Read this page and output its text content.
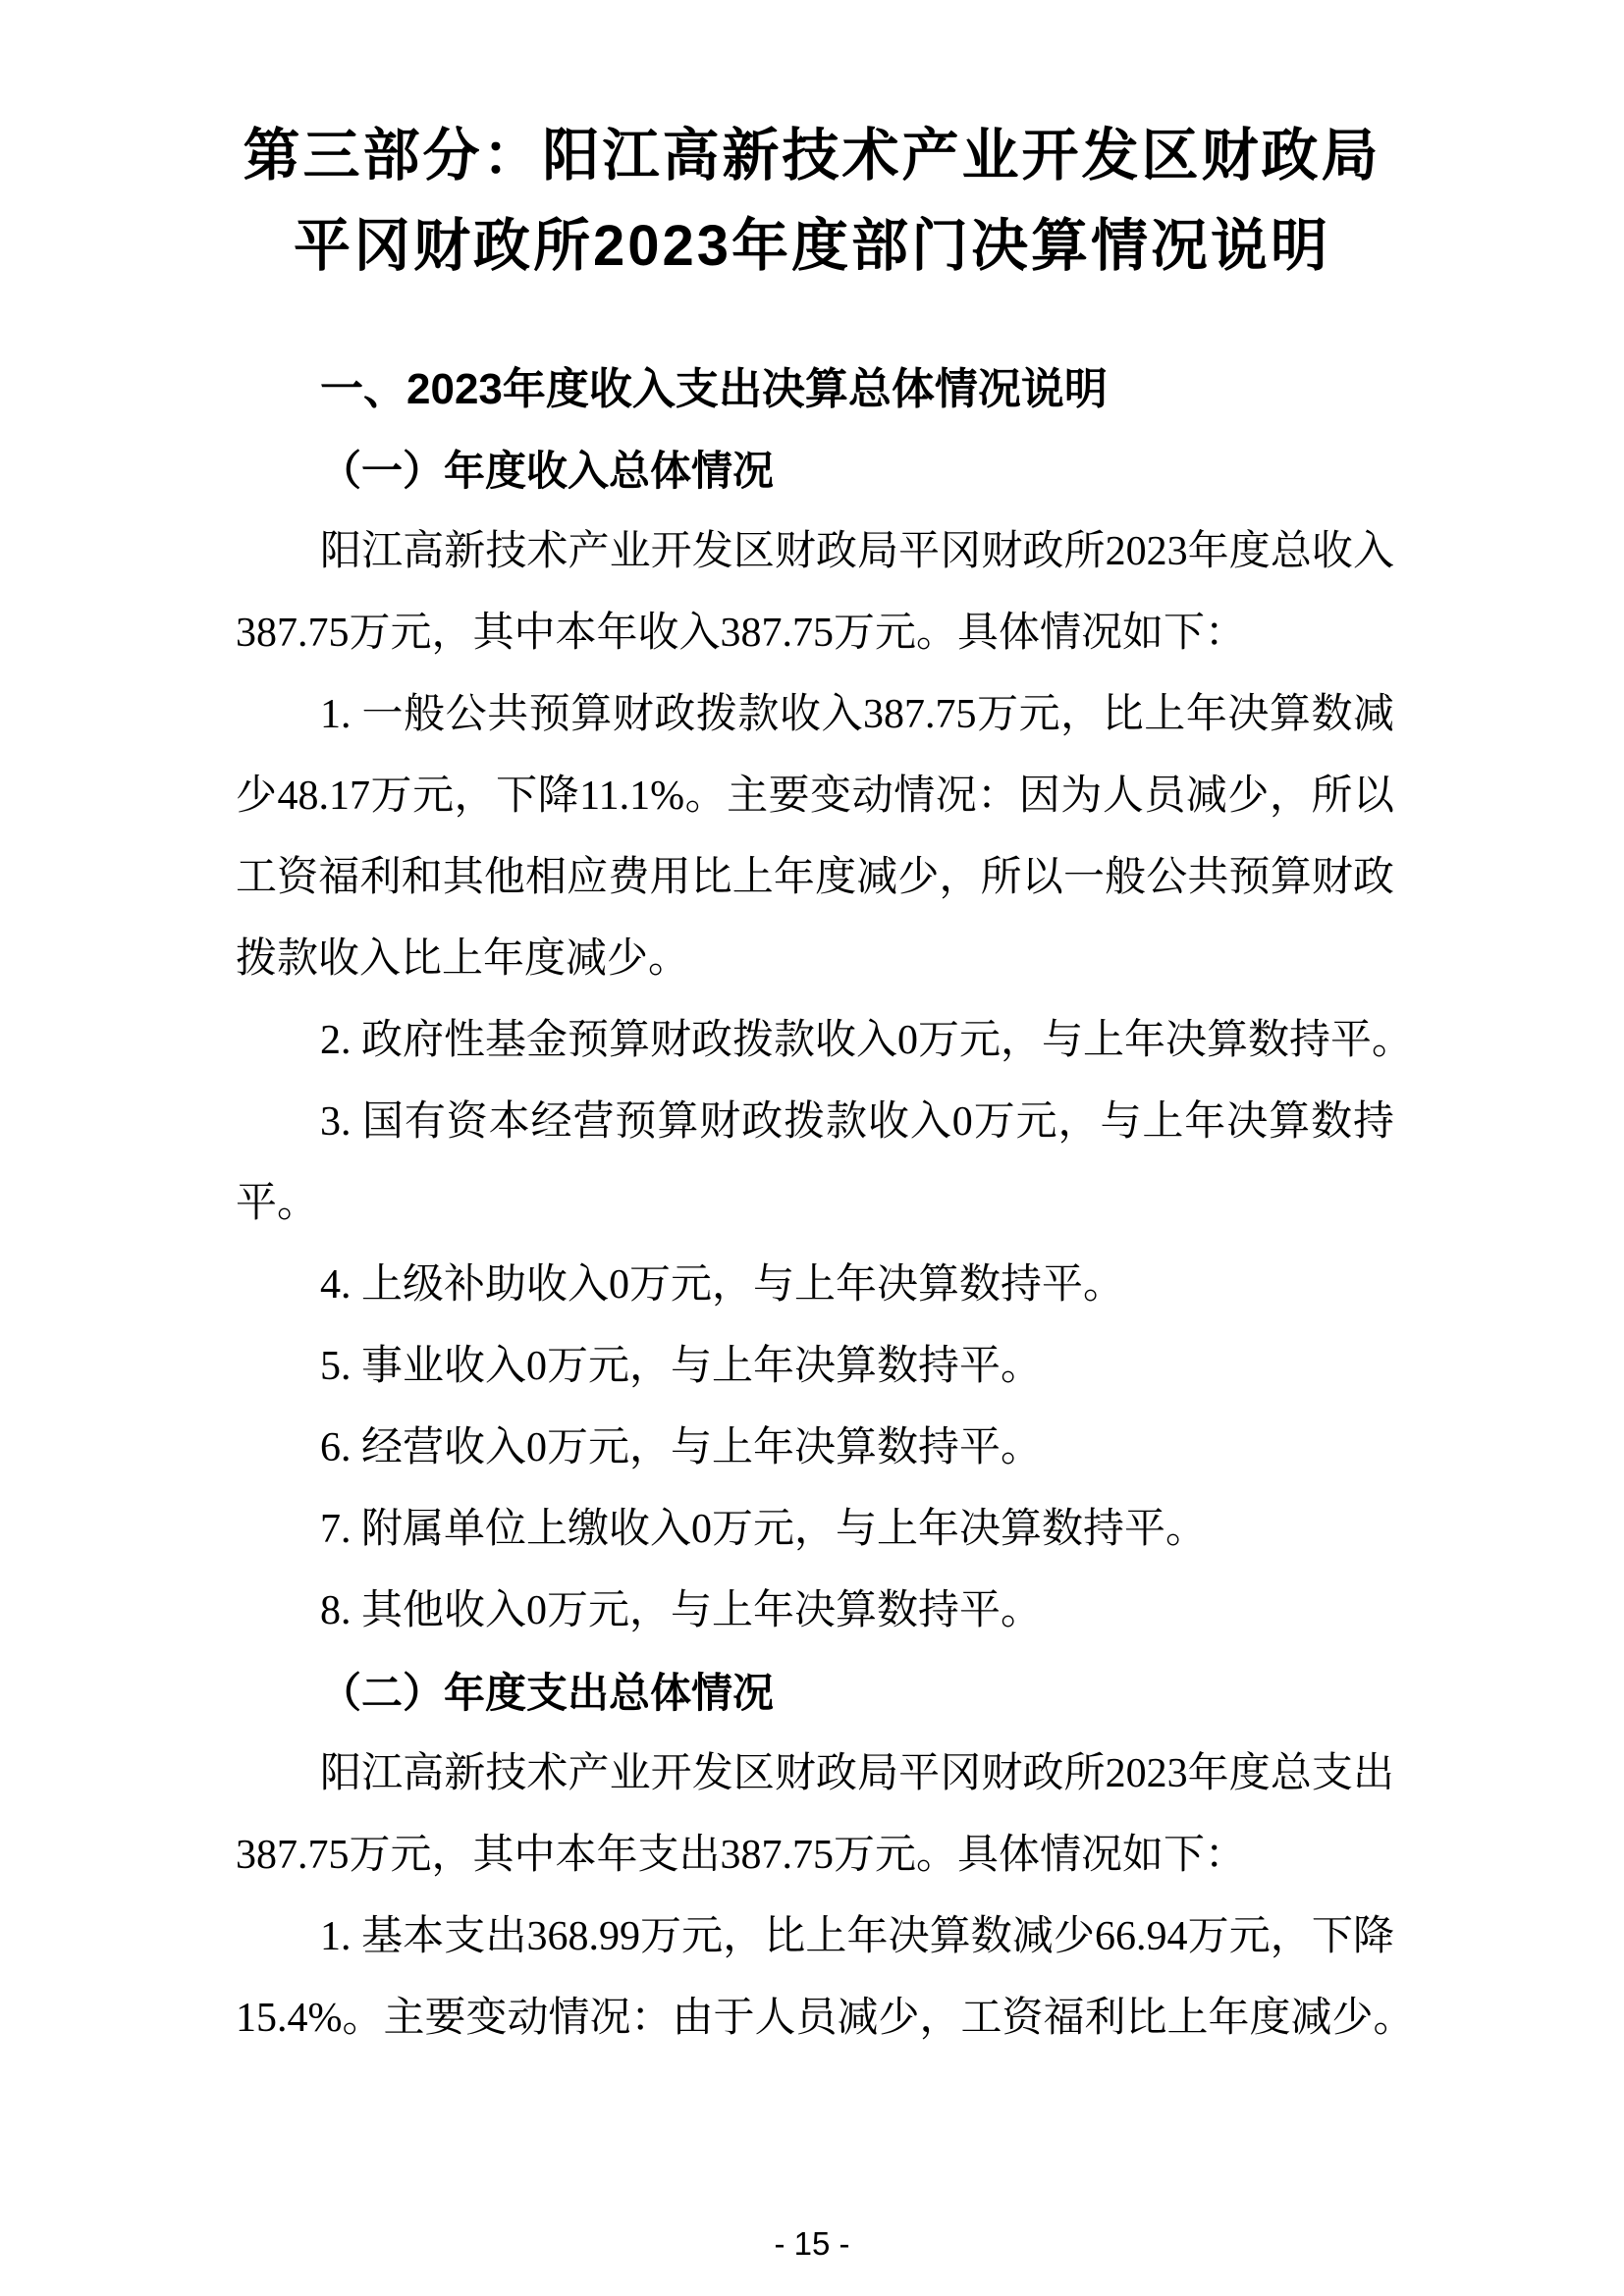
第三部分：阳江高新技术产业开发区财政局
平冈财政所2023年度部门决算情况说明
一、2023年度收入支出决算总体情况说明
（一）年度收入总体情况
阳江高新技术产业开发区财政局平冈财政所2023年度总收入
387.75万元，其中本年收入387.75万元。具体情况如下：
1. 一般公共预算财政拨款收入387.75万元，比上年决算数减
少48.17万元，下降11.1%。主要变动情况：因为人员减少，所以
工资福利和其他相应费用比上年度减少，所以一般公共预算财政
拨款收入比上年度减少。
2. 政府性基金预算财政拨款收入0万元，与上年决算数持平。
3. 国有资本经营预算财政拨款收入0万元，与上年决算数持
平。
4. 上级补助收入0万元，与上年决算数持平。
5. 事业收入0万元，与上年决算数持平。
6. 经营收入0万元，与上年决算数持平。
7. 附属单位上缴收入0万元，与上年决算数持平。
8. 其他收入0万元，与上年决算数持平。
（二）年度支出总体情况
阳江高新技术产业开发区财政局平冈财政所2023年度总支出
387.75万元，其中本年支出387.75万元。具体情况如下：
1. 基本支出368.99万元，比上年决算数减少66.94万元，下降
15.4%。主要变动情况：由于人员减少，工资福利比上年度减少。
- 15 -
